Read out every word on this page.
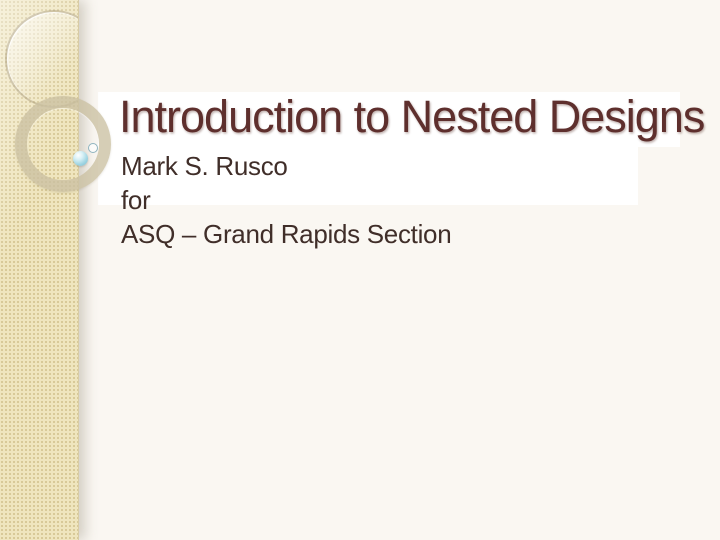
Introduction to Nested Designs
Mark S. Rusco
for
ASQ – Grand Rapids Section
